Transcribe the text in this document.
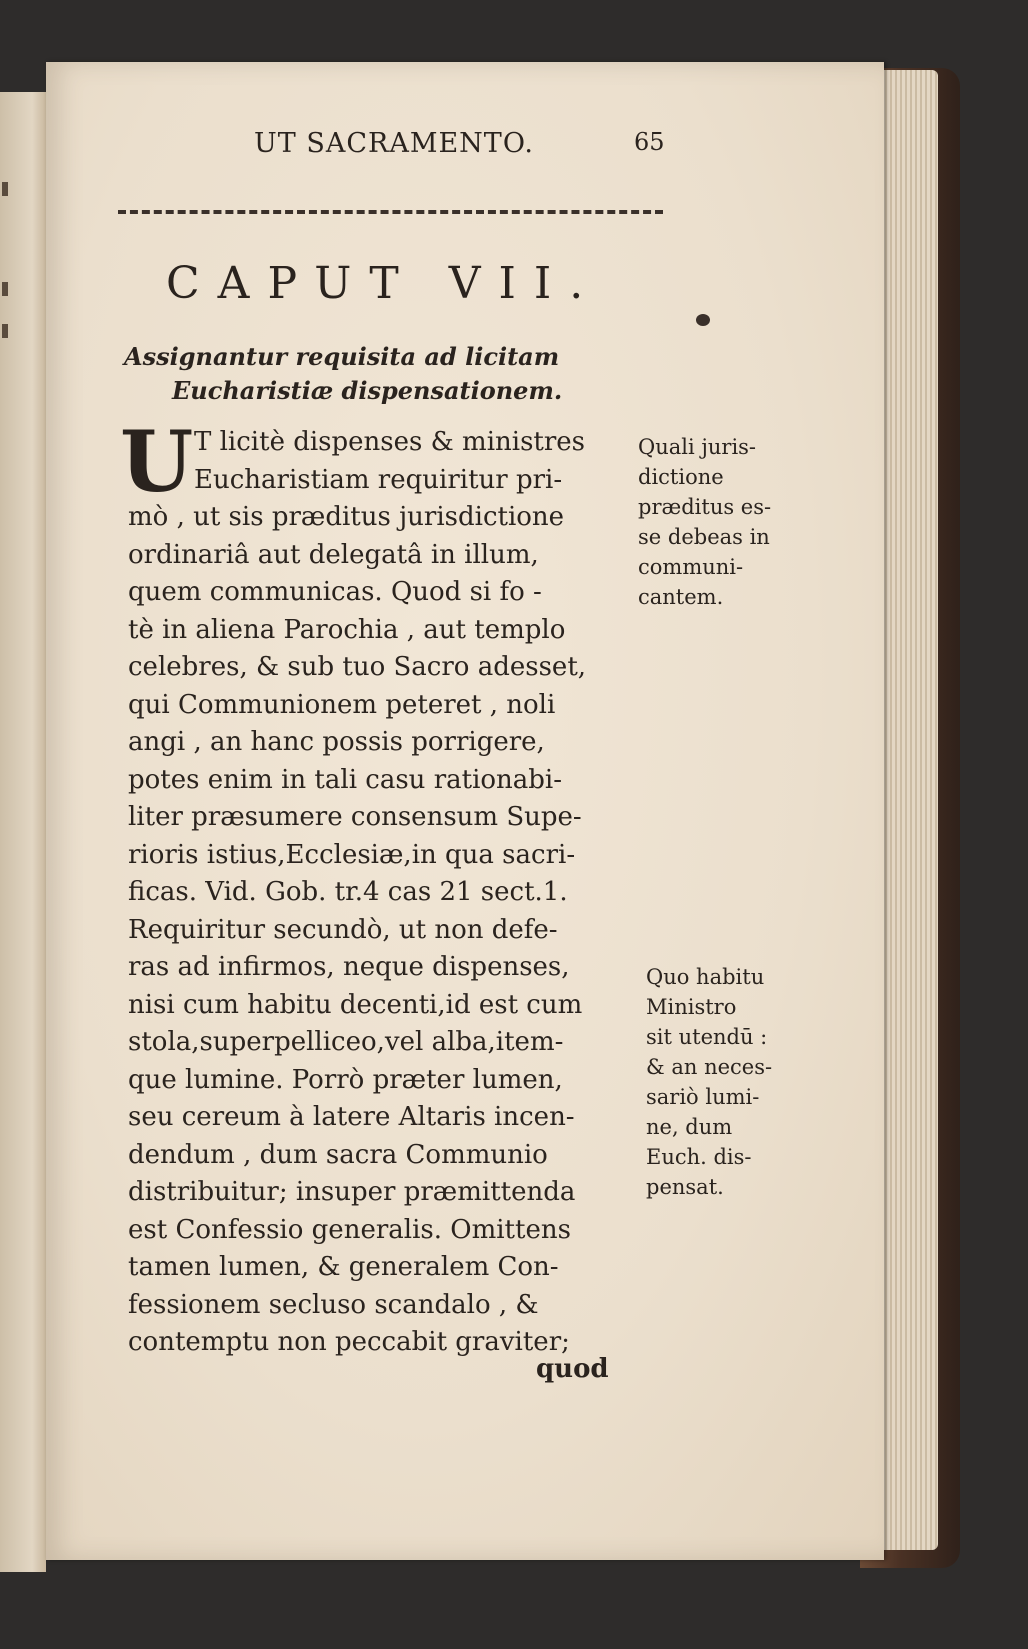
UT SACRAMENTO.	65
CAPUT VII.
Assignantur requisita ad licitam
Eucharistiæ dispensationem.
U T licitè dispenses & ministres
Eucharistiam requiritur pri-
mò , ut sis præditus jurisdictione
ordinariâ aut delegatâ in illum,
quem communicas. Quod si fo -
tè in aliena Parochia , aut templo
celebres, & sub tuo Sacro adesset,
qui Communionem peteret , noli
angi , an hanc possis porrigere,
potes enim in tali casu rationabi-
liter præsumere consensum Supe-
rioris istius,Ecclesiæ,in qua sacri-
ficas. Vid. Gob. tr.4 cas 21 sect.1.
Requiritur secundò, ut non defe-
ras ad infirmos, neque dispenses,
nisi cum habitu decenti,id est cum
stola,superpelliceo,vel alba,item-
que lumine. Porrò præter lumen,
seu cereum à latere Altaris incen-
dendum , dum sacra Communio
distribuitur; insuper præmittenda
est Confessio generalis. Omittens
tamen lumen, & generalem Con-
fessionem secluso scandalo , &
contemptu non peccabit graviter;
quod
Quali juris-
dictione
præditus es-
se debeas in
communi-
cantem.
Quo habitu
Ministro
sit utendū :
& an neces-
sariò lumi-
ne, dum
Euch. dis-
pensat.
